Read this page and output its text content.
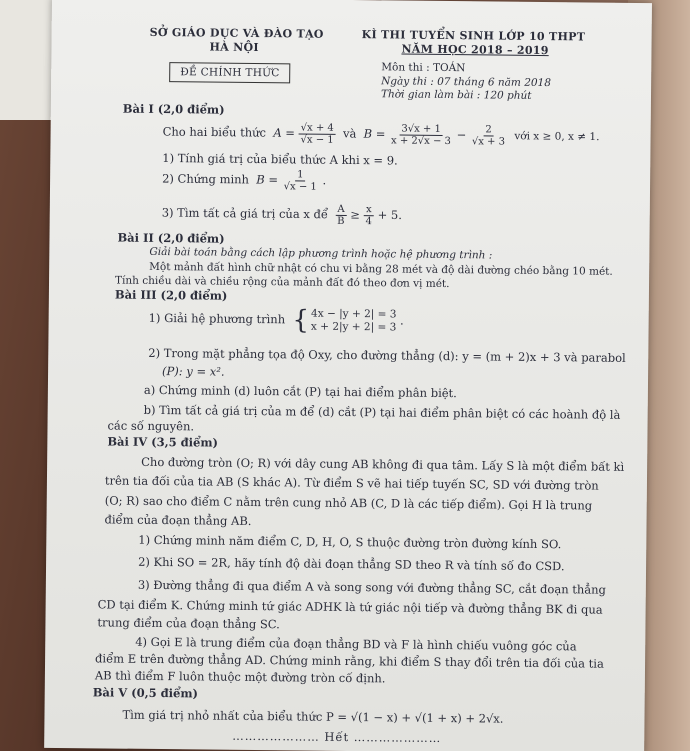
SỞ GIÁO DỤC VÀ ĐÀO TẠO
HÀ NỘI
KÌ THI TUYỂN SINH LỚP 10 THPT
NĂM HỌC 2018 – 2019
ĐỀ CHÍNH THỨC	Môn thi : TOÁN
Ngày thi : 07 tháng 6 năm 2018
Thời gian làm bài : 120 phút
Bài I (2,0 điểm)
Cho hai biểu thức $A = \frac{√x + 4}{√x - 1}$ và $B = \frac{3√x + 1}{x + 2√x - 3} - \frac{2}{√x + 3}$ với x ≥ 0, x ≠ 1.
1) Tính giá trị của biểu thức A khi x = 9.
2) Chứng minh $B = \frac{1}{√x - 1}$ .
3) Tìm tất cả giá trị của x để $\frac{A}{B} \ge \frac{x}{4} + 5$.
Bài II (2,0 điểm)
Giải bài toán bằng cách lập phương trình hoặc hệ phương trình :
Một mảnh đất hình chữ nhật có chu vi bằng 28 mét và độ dài đường chéo bằng 10 mét.
Tính chiều dài và chiều rộng của mảnh đất đó theo đơn vị mét.
Bài III (2,0 điểm)
1) Giải hệ phương trình { 4x − |y + 2| = 3
x + 2|y + 2| = 3 .
2) Trong mặt phẳng tọa độ Oxy, cho đường thẳng (d): y = (m + 2)x + 3 và parabol
(P): y = x².
a) Chứng minh (d) luôn cắt (P) tại hai điểm phân biệt.
b) Tìm tất cả giá trị của m để (d) cắt (P) tại hai điểm phân biệt có các hoành độ là
các số nguyên.
Bài IV (3,5 điểm)
Cho đường tròn (O; R) với dây cung AB không đi qua tâm. Lấy S là một điểm bất kì
trên tia đối của tia AB (S khác A). Từ điểm S vẽ hai tiếp tuyến SC, SD với đường tròn
(O; R) sao cho điểm C nằm trên cung nhỏ AB (C, D là các tiếp điểm). Gọi H là trung
điểm của đoạn thẳng AB.
1) Chứng minh năm điểm C, D, H, O, S thuộc đường tròn đường kính SO.
2) Khi SO = 2R, hãy tính độ dài đoạn thẳng SD theo R và tính số đo CSD.
3) Đường thẳng đi qua điểm A và song song với đường thẳng SC, cắt đoạn thẳng
CD tại điểm K. Chứng minh tứ giác ADHK là tứ giác nội tiếp và đường thẳng BK đi qua
trung điểm của đoạn thẳng SC.
4) Gọi E là trung điểm của đoạn thẳng BD và F là hình chiếu vuông góc của
điểm E trên đường thẳng AD. Chứng minh rằng, khi điểm S thay đổi trên tia đối của tia
AB thì điểm F luôn thuộc một đường tròn cố định.
Bài V (0,5 điểm)
Tìm giá trị nhỏ nhất của biểu thức P = √(1 − x) + √(1 + x) + 2√x.
………………… Hết …………………
